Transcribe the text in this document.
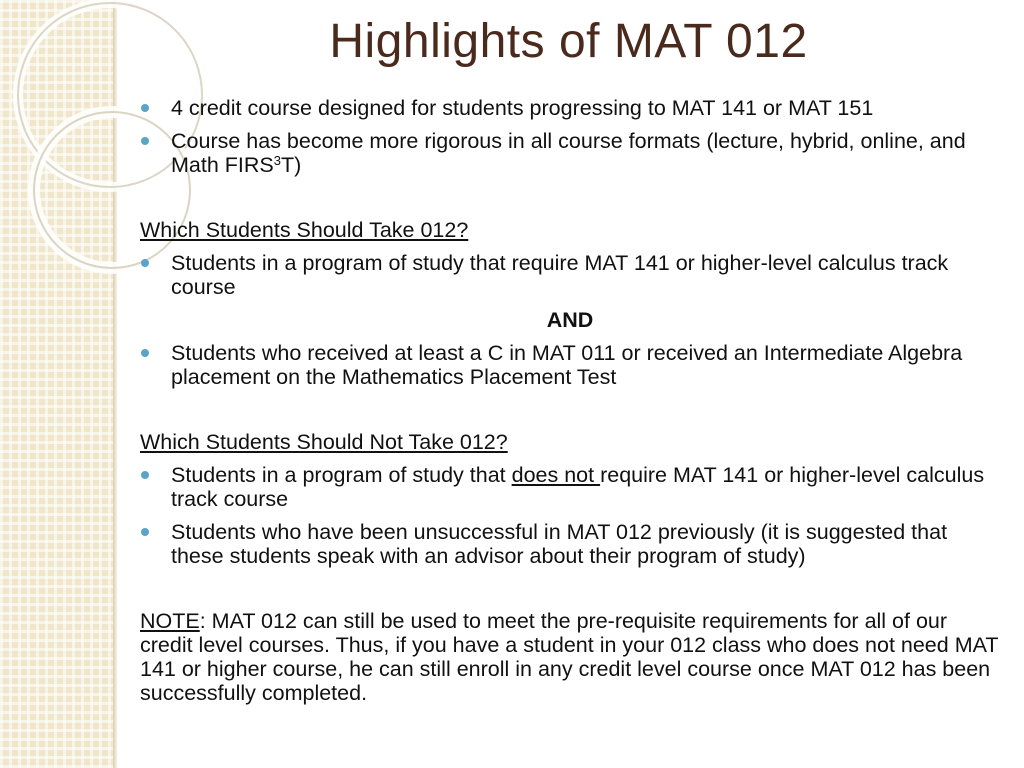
Highlights of MAT 012
4 credit course designed for students progressing to MAT 141 or MAT 151
Course has become more rigorous in all course formats (lecture, hybrid, online, and Math FIRS$^3$T)
Which Students Should Take 012?
Students in a program of study that require MAT 141 or higher-level calculus track course
AND
Students who received at least a C in MAT 011 or received an Intermediate Algebra placement on the Mathematics Placement Test
Which Students Should Not Take 012?
Students in a program of study that does not require MAT 141 or higher-level calculus track course
Students who have been unsuccessful in MAT 012 previously (it is suggested that these students speak with an advisor about their program of study)
NOTE: MAT 012 can still be used to meet the pre-requisite requirements for all of our credit level courses. Thus, if you have a student in your 012 class who does not need MAT 141 or higher course, he can still enroll in any credit level course once MAT 012 has been successfully completed.
